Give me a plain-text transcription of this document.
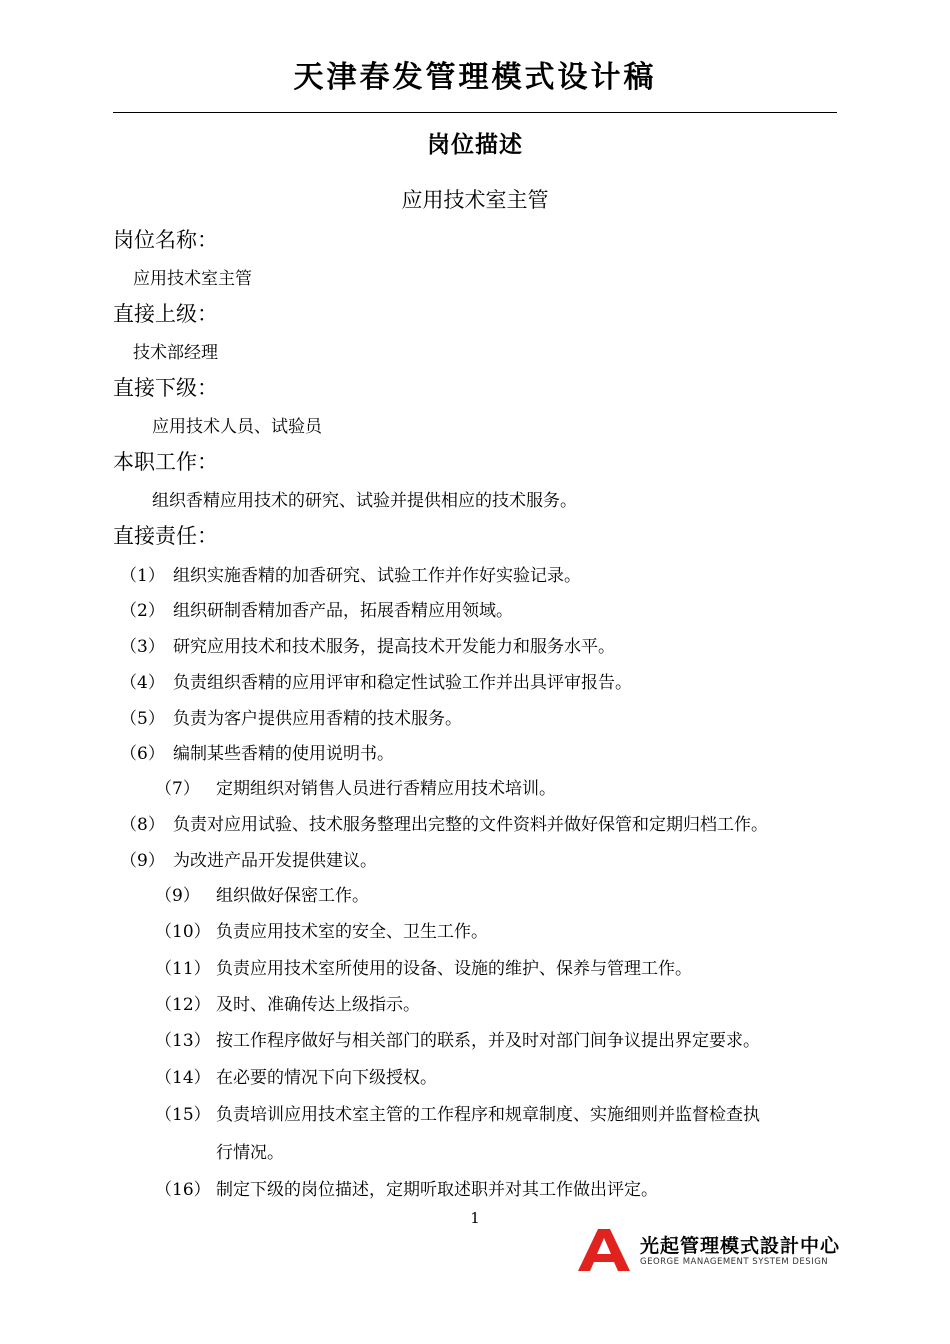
天津春发管理模式设计稿
岗位描述
应用技术室主管
岗位名称：
应用技术室主管
直接上级：
技术部经理
直接下级：
应用技术人员、试验员
本职工作：
组织香精应用技术的研究、试验并提供相应的技术服务。
直接责任：
（1） 组织实施香精的加香研究、试验工作并作好实验记录。
（2） 组织研制香精加香产品，拓展香精应用领域。
（3） 研究应用技术和技术服务，提高技术开发能力和服务水平。
（4） 负责组织香精的应用评审和稳定性试验工作并出具评审报告。
（5） 负责为客户提供应用香精的技术服务。
（6） 编制某些香精的使用说明书。
（7） 定期组织对销售人员进行香精应用技术培训。
（8） 负责对应用试验、技术服务整理出完整的文件资料并做好保管和定期归档工作。
（9） 为改进产品开发提供建议。
（9） 组织做好保密工作。
（10） 负责应用技术室的安全、卫生工作。
（11） 负责应用技术室所使用的设备、设施的维护、保养与管理工作。
（12） 及时、准确传达上级指示。
（13） 按工作程序做好与相关部门的联系，并及时对部门间争议提出界定要求。
（14） 在必要的情况下向下级授权。
（15） 负责培训应用技术室主管的工作程序和规章制度、实施细则并监督检查执
行情况。
（16） 制定下级的岗位描述，定期听取述职并对其工作做出评定。
1
光起管理模式設計中心
GEORGE MANAGEMENT SYSTEM DESIGN
